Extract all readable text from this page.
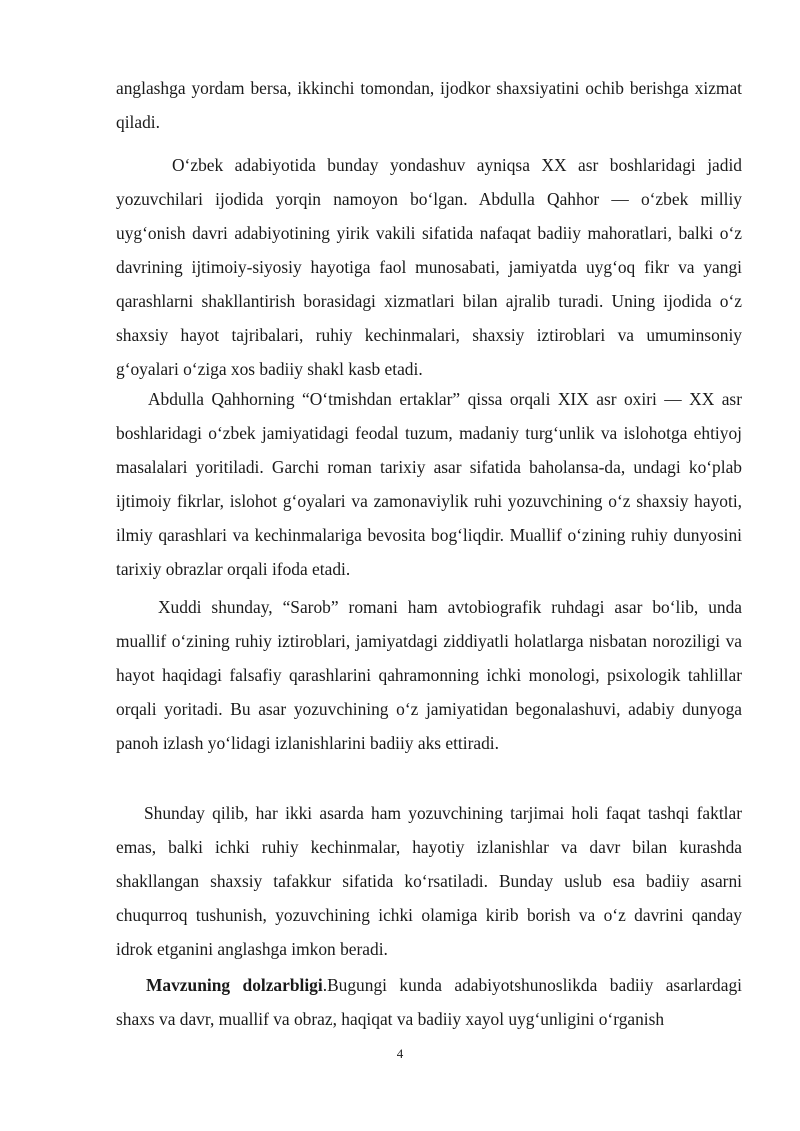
anglashga yordam bersa, ikkinchi tomondan, ijodkor shaxsiyatini ochib berishga xizmat qiladi.

O‘zbek adabiyotida bunday yondashuv ayniqsa XX asr boshlaridagi jadid yozuvchilari ijodida yorqin namoyon bo‘lgan. Abdulla Qahhor — o‘zbek milliy uyg‘onish davri adabiyotining yirik vakili sifatida nafaqat badiiy mahoratlari, balki o‘z davrining ijtimoiy-siyosiy hayotiga faol munosabati, jamiyatda uyg‘oq fikr va yangi qarashlarni shakllantirish borasidagi xizmatlari bilan ajralib turadi. Uning ijodida o‘z shaxsiy hayot tajribalari, ruhiy kechinmalari, shaxsiy iztiroblari va umuminsoniy g‘oyalari o‘ziga xos badiiy shakl kasb etadi.

Abdulla Qahhorning “O‘tmishdan ertaklar” qissa orqali XIX asr oxiri — XX asr boshlaridagi o‘zbek jamiyatidagi feodal tuzum, madaniy turg‘unlik va islohotga ehtiyoj masalalari yoritiladi. Garchi roman tarixiy asar sifatida baholansa-da, undagi ko‘plab ijtimoiy fikrlar, islohot g‘oyalari va zamonaviylik ruhi yozuvchining o‘z shaxsiy hayoti, ilmiy qarashlari va kechinmalariga bevosita bog‘liqdir. Muallif o‘zining ruhiy dunyosini tarixiy obrazlar orqali ifoda etadi.

Xuddi shunday, “Sarob” romani ham avtobiografik ruhdagi asar bo‘lib, unda muallif o‘zining ruhiy iztiroblari, jamiyatdagi ziddiyatli holatlarga nisbatan noroziligi va hayot haqidagi falsafiy qarashlarini qahramonning ichki monologi, psixologik tahlillar orqali yoritadi. Bu asar yozuvchining o‘z jamiyatidan begonalashuvi, adabiy dunyoga panoh izlash yo‘lidagi izlanishlarini badiiy aks ettiradi.

Shunday qilib, har ikki asarda ham yozuvchining tarjimai holi faqat tashqi faktlar emas, balki ichki ruhiy kechinmalar, hayotiy izlanishlar va davr bilan kurashda shakllangan shaxsiy tafakkur sifatida ko‘rsatiladi. Bunday uslub esa badiiy asarni chuqurroq tushunish, yozuvchining ichki olamiga kirib borish va o‘z davrini qanday idrok etganini anglashga imkon beradi.

Mavzuning dolzarbligi.Bugungi kunda adabiyotshunoslikda badiiy asarlardagi shaxs va davr, muallif va obraz, haqiqat va badiiy xayol uyg‘unligini o‘rganish

4
